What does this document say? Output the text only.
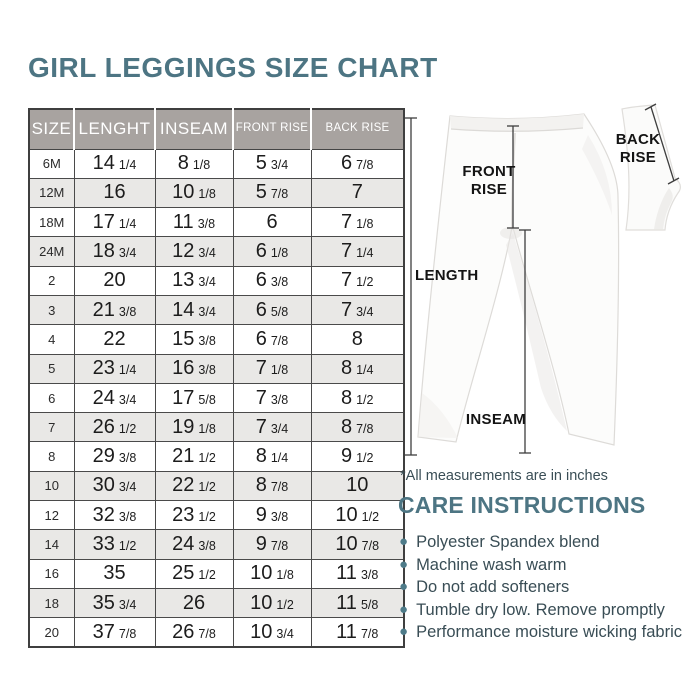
GIRL LEGGINGS SIZE CHART
SIZE	LENGHT	INSEAM	FRONT RISE	BACK RISE
6M	14 1/4	8 1/8	5 3/4	6 7/8
12M	16	10 1/8	5 7/8	7
18M	17 1/4	11 3/8	6	7 1/8
24M	18 3/4	12 3/4	6 1/8	7 1/4
2	20	13 3/4	6 3/8	7 1/2
3	21 3/8	14 3/4	6 5/8	7 3/4
4	22	15 3/8	6 7/8	8
5	23 1/4	16 3/8	7 1/8	8 1/4
6	24 3/4	17 5/8	7 3/8	8 1/2
7	26 1/2	19 1/8	7 3/4	8 7/8
8	29 3/8	21 1/2	8 1/4	9 1/2
10	30 3/4	22 1/2	8 7/8	10
12	32 3/8	23 1/2	9 3/8	10 1/2
14	33 1/2	24 3/8	9 7/8	10 7/8
16	35	25 1/2	10 1/8	11 3/8
18	35 3/4	26	10 1/2	11 5/8
20	37 7/8	26 7/8	10 3/4	11 7/8
LENGTH
FRONT
RISE
INSEAM
BACK
RISE
*All measurements are in inches
CARE INSTRUCTIONS
● Polyester Spandex blend
● Machine wash warm
● Do not add softeners
● Tumble dry low. Remove promptly
● Performance moisture wicking fabric
